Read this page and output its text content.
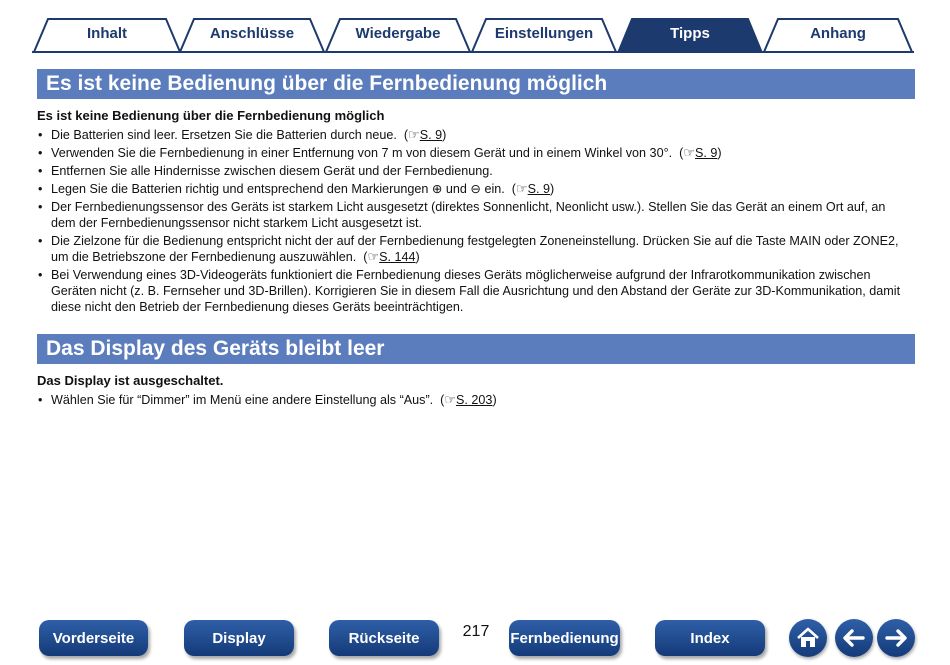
Inhalt	Anschlüsse	Wiedergabe	Einstellungen	Tipps	Anhang
Es ist keine Bedienung über die Fernbedienung möglich
Es ist keine Bedienung über die Fernbedienung möglich
• Die Batterien sind leer. Ersetzen Sie die Batterien durch neue. (☞S. 9)
• Verwenden Sie die Fernbedienung in einer Entfernung von 7 m von diesem Gerät und in einem Winkel von 30°. (☞S. 9)
• Entfernen Sie alle Hindernisse zwischen diesem Gerät und der Fernbedienung.
• Legen Sie die Batterien richtig und entsprechend den Markierungen ⊕ und ⊖ ein. (☞S. 9)
• Der Fernbedienungssensor des Geräts ist starkem Licht ausgesetzt (direktes Sonnenlicht, Neonlicht usw.). Stellen Sie das Gerät an einem Ort auf, an dem der Fernbedienungssensor nicht starkem Licht ausgesetzt ist.
• Die Zielzone für die Bedienung entspricht nicht der auf der Fernbedienung festgelegten Zoneneinstellung. Drücken Sie auf die Taste MAIN oder ZONE2, um die Betriebszone der Fernbedienung auszuwählen. (☞S. 144)
• Bei Verwendung eines 3D-Videogeräts funktioniert die Fernbedienung dieses Geräts möglicherweise aufgrund der Infrarotkommunikation zwischen Geräten nicht (z. B. Fernseher und 3D-Brillen). Korrigieren Sie in diesem Fall die Ausrichtung und den Abstand der Geräte zur 3D-Kommunikation, damit diese nicht den Betrieb der Fernbedienung dieses Geräts beeinträchtigen.
Das Display des Geräts bleibt leer
Das Display ist ausgeschaltet.
• Wählen Sie für “Dimmer” im Menü eine andere Einstellung als “Aus”. (☞S. 203)
Vorderseite	Display	Rückseite	217	Fernbedienung	Index
